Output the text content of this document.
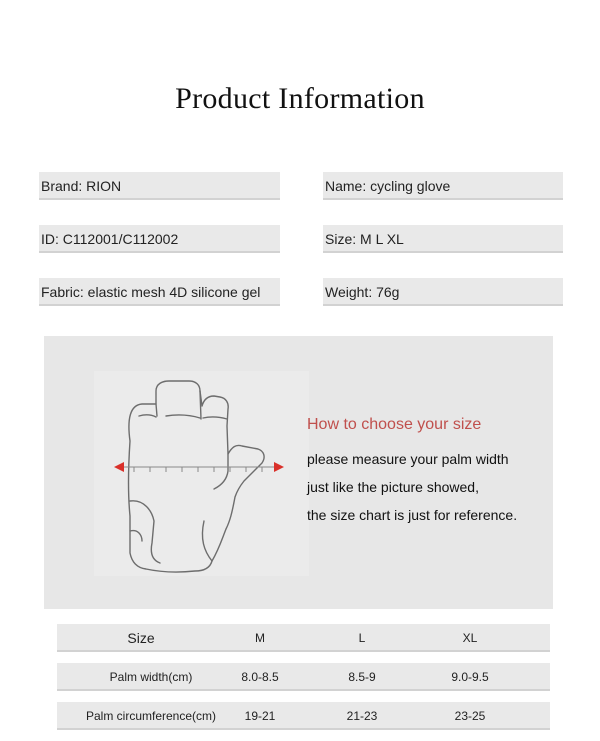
Product Information
Brand: RION	Name: cycling glove
ID: C112001/C112002	Size: M L XL
Fabric: elastic mesh 4D silicone gel	Weight: 76g
How to choose your size
please measure your palm width
just like the picture showed,
the size chart is just for reference.
Size	M	L	XL
Palm width(cm)	8.0-8.5	8.5-9	9.0-9.5
Palm circumference(cm) 19-21	21-23	23-25
